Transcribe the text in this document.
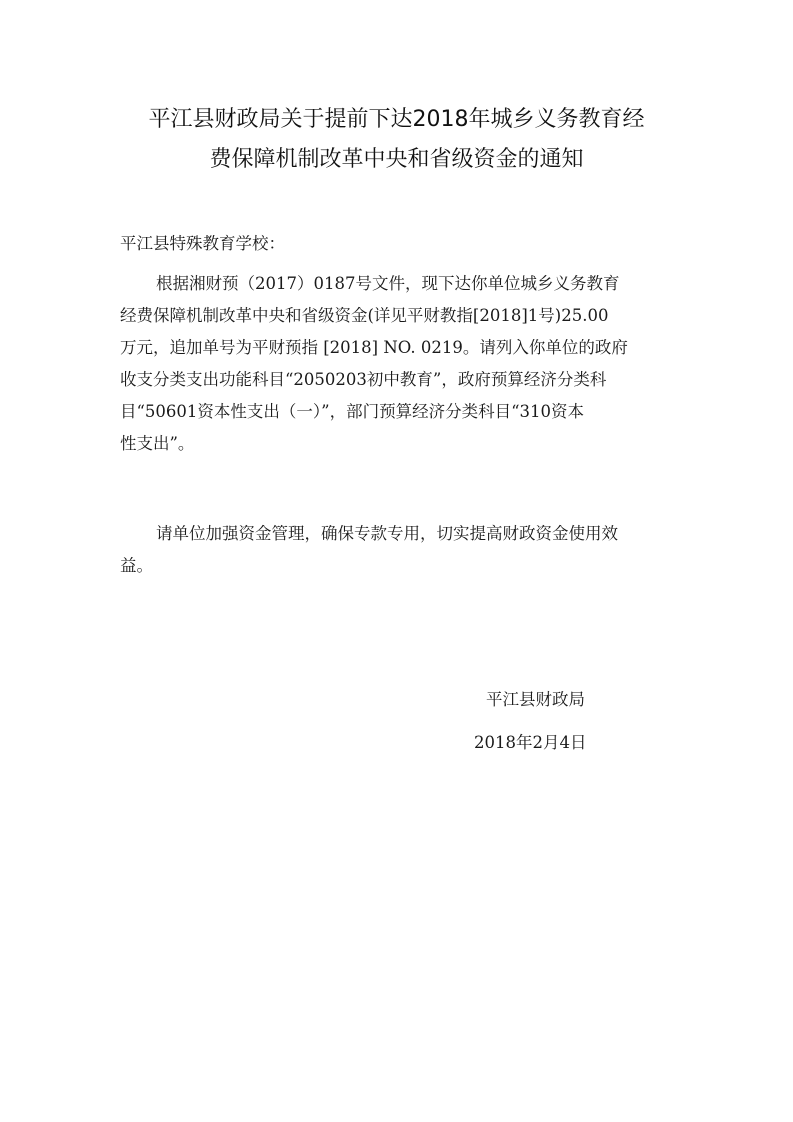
平江县财政局关于提前下达2018年城乡义务教育经
费保障机制改革中央和省级资金的通知
平江县特殊教育学校：
根据湘财预（2017）0187号文件，现下达你单位城乡义务教育
经费保障机制改革中央和省级资金(详见平财教指[2018]1号)25.00
万元，追加单号为平财预指 [2018] NO. 0219。请列入你单位的政府
收支分类支出功能科目“2050203初中教育”，政府预算经济分类科
目“50601资本性支出（一）”，部门预算经济分类科目“310资本
性支出”。
请单位加强资金管理，确保专款专用，切实提高财政资金使用效
益。
平江县财政局
2018年2月4日
